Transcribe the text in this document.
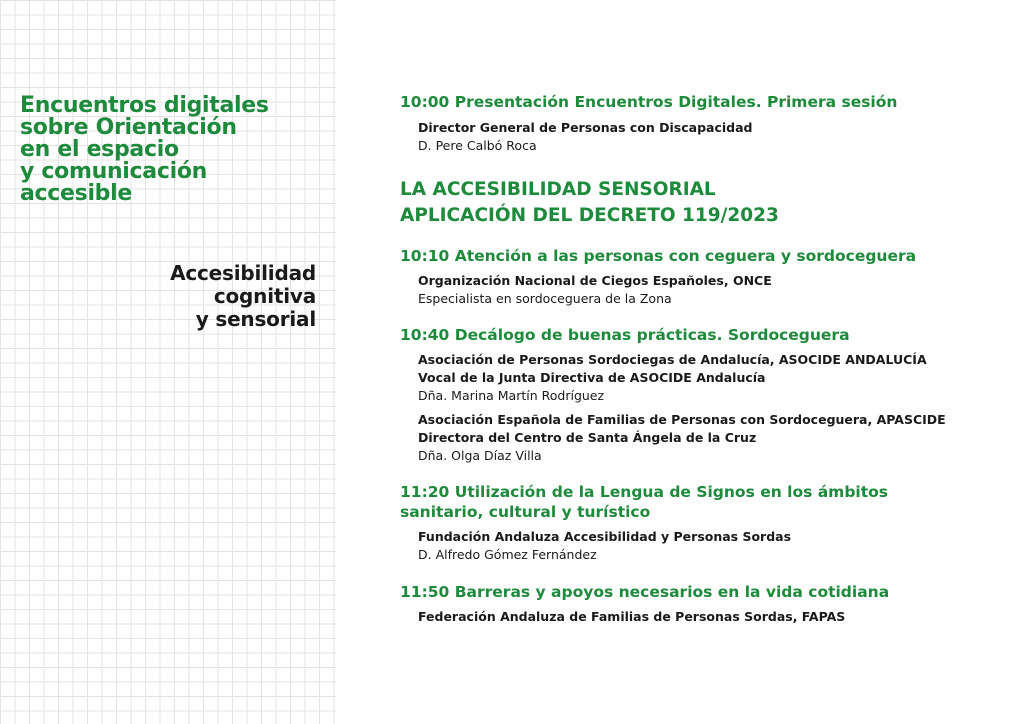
Encuentros digitales
sobre Orientación
en el espacio
y comunicación
accesible
Accesibilidad
cognitiva
y sensorial

10:00 Presentación Encuentros Digitales. Primera sesión

Director General de Personas con Discapacidad

D. Pere Calbó Roca

LA ACCESIBILIDAD SENSORIAL

APLICACIÓN DEL DECRETO 119/2023

10:10 Atención a las personas con ceguera y sordoceguera

Organización Nacional de Ciegos Españoles, ONCE

Especialista en sordoceguera de la Zona

10:40 Decálogo de buenas prácticas. Sordoceguera

Asociación de Personas Sordociegas de Andalucía, ASOCIDE ANDALUCÍA

Vocal de la Junta Directiva de ASOCIDE Andalucía

Dña. Marina Martín Rodríguez

Asociación Española de Familias de Personas con Sordoceguera, APASCIDE

Directora del Centro de Santa Ángela de la Cruz

Dña. Olga Díaz Villa

11:20 Utilización de la Lengua de Signos en los ámbitos

sanitario, cultural y turístico

Fundación Andaluza Accesibilidad y Personas Sordas

D. Alfredo Gómez Fernández

11:50 Barreras y apoyos necesarios en la vida cotidiana

Federación Andaluza de Familias de Personas Sordas, FAPAS
